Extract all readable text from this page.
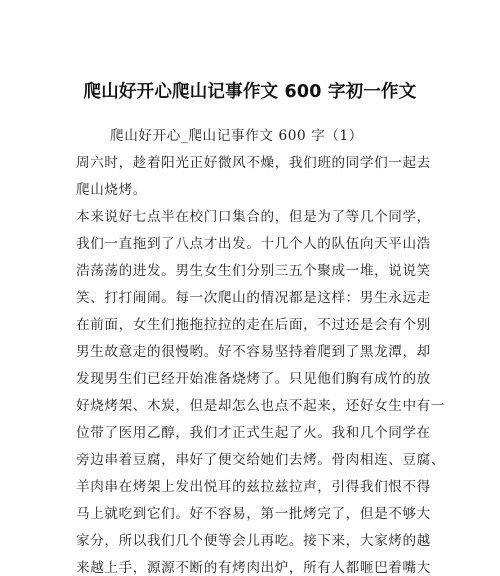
爬山好开心爬山记事作文 600 字初一作文
爬山好开心_爬山记事作文 600 字（1）
周六时，趁着阳光正好微风不燥，我们班的同学们一起去
爬山烧烤。
本来说好七点半在校门口集合的，但是为了等几个同学，
我们一直拖到了八点才出发。十几个人的队伍向天平山浩
浩荡荡的进发。男生女生们分别三五个聚成一堆，说说笑
笑、打打闹闹。每一次爬山的情况都是这样：男生永远走
在前面，女生们拖拖拉拉的走在后面，不过还是会有个别
男生故意走的很慢哟。好不容易坚持着爬到了黑龙潭，却
发现男生们已经开始准备烧烤了。只见他们胸有成竹的放
好烧烤架、木炭，但是却怎么也点不起来，还好女生中有一
位带了医用乙醇，我们才正式生起了火。我和几个同学在
旁边串着豆腐，串好了便交给她们去烤。骨肉相连、豆腐、
羊肉串在烤架上发出悦耳的兹拉兹拉声，引得我们恨不得
马上就吃到它们。好不容易，第一批烤完了，但是不够大
家分，所以我们几个便等会儿再吃。接下来，大家烤的越
来越上手，源源不断的有烤肉出炉，所有人都咂巴着嘴大
